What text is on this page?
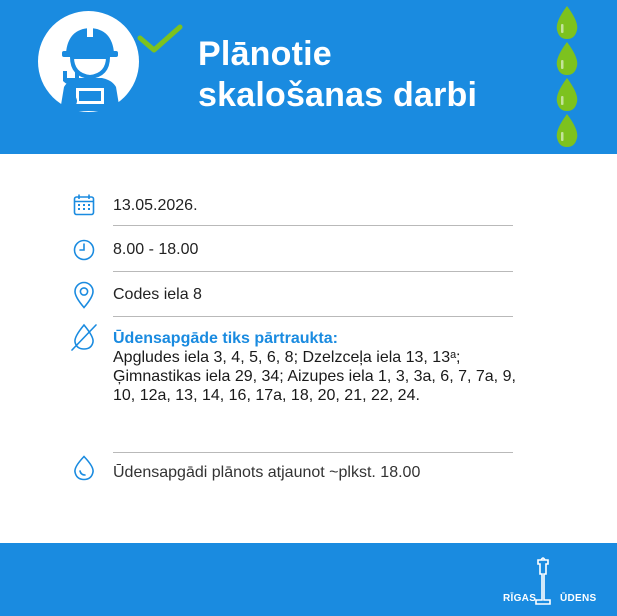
Plānotie
skalošanas darbi
13.05.2026.
8.00 - 18.00
Codes iela 8
Ūdensapgāde tiks pārtraukta:
Apgludes iela 3, 4, 5, 6, 8; Dzelzceļa iela 13, 13ᵃ; Ģimnastikas iela 29, 34; Aizupes iela 1, 3, 3a, 6, 7, 7a, 9, 10, 12a, 13, 14, 16, 17a, 18, 20, 21, 22, 24.
Ūdensapgādi plānots atjaunot ~plkst. 18.00
RĪGAS ŪDENS
